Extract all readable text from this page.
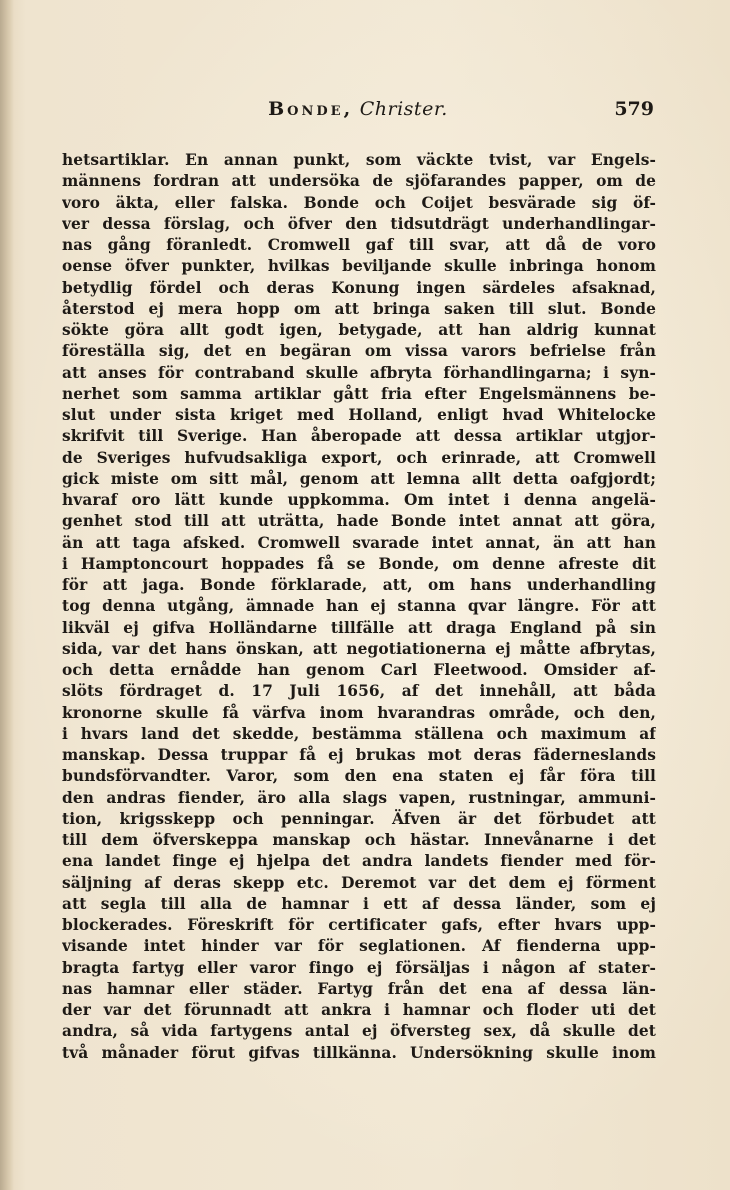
Bonde, Christer.	579
hetsartiklar. En annan punkt, som väckte tvist, var Engels-
männens fordran att undersöka de sjöfarandes papper, om de
voro äkta, eller falska. Bonde och Coijet besvärade sig öf-
ver dessa förslag, och öfver den tidsutdrägt underhandlingar-
nas gång föranledt. Cromwell gaf till svar, att då de voro
oense öfver punkter, hvilkas beviljande skulle inbringa honom
betydlig fördel och deras Konung ingen särdeles afsaknad,
återstod ej mera hopp om att bringa saken till slut. Bonde
sökte göra allt godt igen, betygade, att han aldrig kunnat
föreställa sig, det en begäran om vissa varors befrielse från
att anses för contraband skulle afbryta förhandlingarna; i syn-
nerhet som samma artiklar gått fria efter Engelsmännens be-
slut under sista kriget med Holland, enligt hvad Whitelocke
skrifvit till Sverige. Han åberopade att dessa artiklar utgjor-
de Sveriges hufvudsakliga export, och erinrade, att Cromwell
gick miste om sitt mål, genom att lemna allt detta oafgjordt;
hvaraf oro lätt kunde uppkomma. Om intet i denna angelä-
genhet stod till att uträtta, hade Bonde intet annat att göra,
än att taga afsked. Cromwell svarade intet annat, än att han
i Hamptoncourt hoppades få se Bonde, om denne afreste dit
för att jaga. Bonde förklarade, att, om hans underhandling
tog denna utgång, ämnade han ej stanna qvar längre. För att
likväl ej gifva Holländarne tillfälle att draga England på sin
sida, var det hans önskan, att negotiationerna ej måtte afbrytas,
och detta ernådde han genom Carl Fleetwood. Omsider af-
slöts fördraget d. 17 Juli 1656, af det innehåll, att båda
kronorne skulle få värfva inom hvarandras område, och den,
i hvars land det skedde, bestämma ställena och maximum af
manskap. Dessa truppar få ej brukas mot deras fäderneslands
bundsförvandter. Varor, som den ena staten ej får föra till
den andras fiender, äro alla slags vapen, rustningar, ammuni-
tion, krigsskepp och penningar. Äfven är det förbudet att
till dem öfverskeppa manskap och hästar. Innevånarne i det
ena landet finge ej hjelpa det andra landets fiender med för-
säljning af deras skepp etc. Deremot var det dem ej förment
att segla till alla de hamnar i ett af dessa länder, som ej
blockerades. Föreskrift för certificater gafs, efter hvars upp-
visande intet hinder var för seglationen. Af fienderna upp-
bragta fartyg eller varor fingo ej försäljas i någon af stater-
nas hamnar eller städer. Fartyg från det ena af dessa län-
der var det förunnadt att ankra i hamnar och floder uti det
andra, så vida fartygens antal ej öfversteg sex, då skulle det
två månader förut gifvas tillkänna. Undersökning skulle inom
